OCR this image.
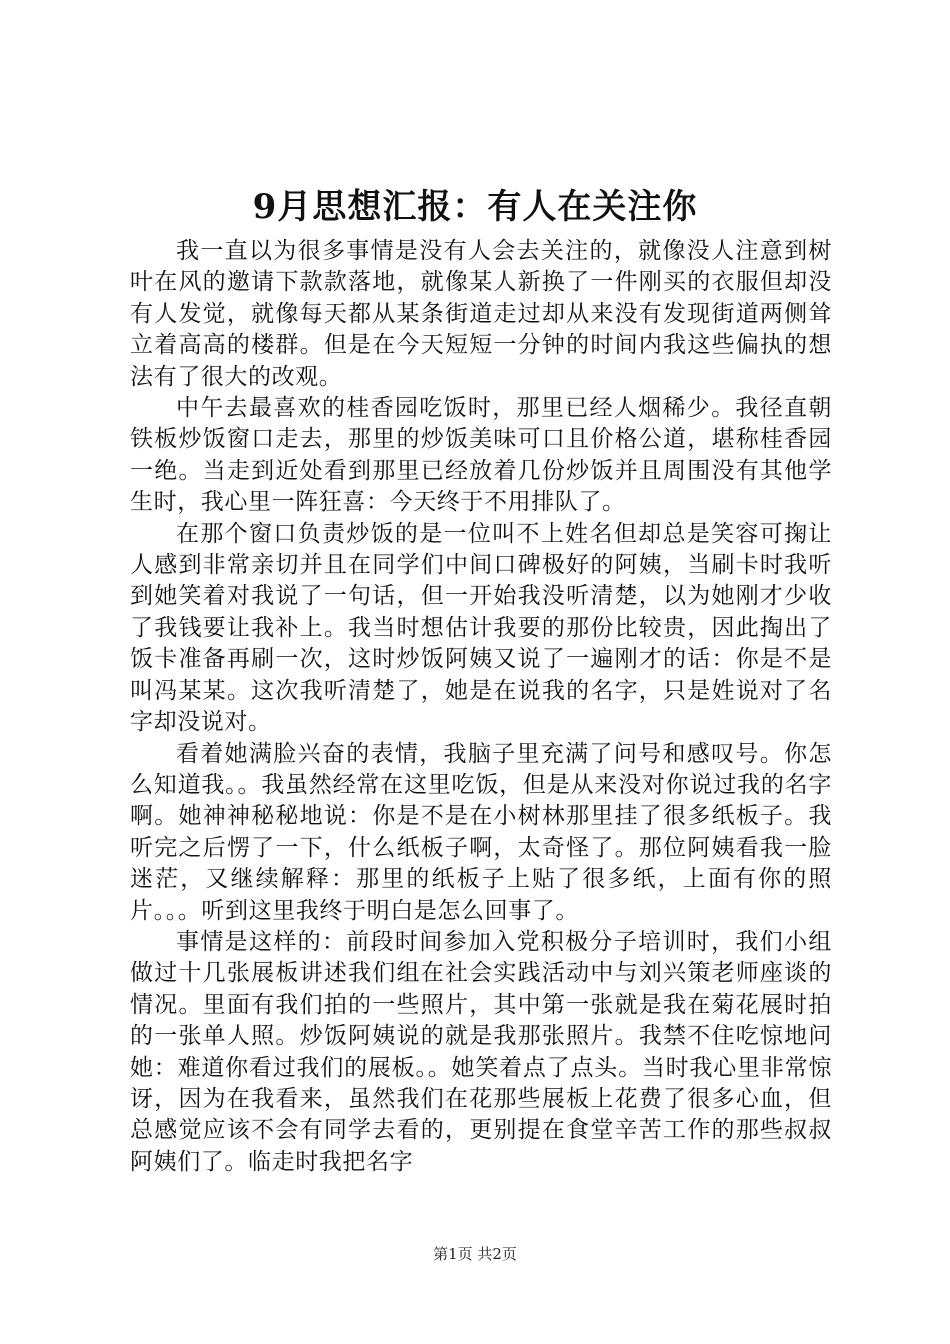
9月思想汇报：有人在关注你

我一直以为很多事情是没有人会去关注的，就像没人注意到树叶在风的邀请下款款落地，就像某人新换了一件刚买的衣服但却没有人发觉，就像每天都从某条街道走过却从来没有发现街道两侧耸立着高高的楼群。但是在今天短短一分钟的时间内我这些偏执的想法有了很大的改观。

中午去最喜欢的桂香园吃饭时，那里已经人烟稀少。我径直朝铁板炒饭窗口走去，那里的炒饭美味可口且价格公道，堪称桂香园一绝。当走到近处看到那里已经放着几份炒饭并且周围没有其他学生时，我心里一阵狂喜：今天终于不用排队了。

在那个窗口负责炒饭的是一位叫不上姓名但却总是笑容可掬让人感到非常亲切并且在同学们中间口碑极好的阿姨，当刷卡时我听到她笑着对我说了一句话，但一开始我没听清楚，以为她刚才少收了我钱要让我补上。我当时想估计我要的那份比较贵，因此掏出了饭卡准备再刷一次，这时炒饭阿姨又说了一遍刚才的话：你是不是叫冯某某。这次我听清楚了，她是在说我的名字，只是姓说对了名字却没说对。

看着她满脸兴奋的表情，我脑子里充满了问号和感叹号。你怎么知道我。。我虽然经常在这里吃饭，但是从来没对你说过我的名字啊。她神神秘秘地说：你是不是在小树林那里挂了很多纸板子。我听完之后愣了一下，什么纸板子啊，太奇怪了。那位阿姨看我一脸迷茫，又继续解释：那里的纸板子上贴了很多纸，上面有你的照片。。。听到这里我终于明白是怎么回事了。

事情是这样的：前段时间参加入党积极分子培训时，我们小组做过十几张展板讲述我们组在社会实践活动中与刘兴策老师座谈的情况。里面有我们拍的一些照片，其中第一张就是我在菊花展时拍的一张单人照。炒饭阿姨说的就是我那张照片。我禁不住吃惊地问她：难道你看过我们的展板。。她笑着点了点头。当时我心里非常惊讶，因为在我看来，虽然我们在花那些展板上花费了很多心血，但总感觉应该不会有同学去看的，更别提在食堂辛苦工作的那些叔叔阿姨们了。临走时我把名字

第1页 共2页
